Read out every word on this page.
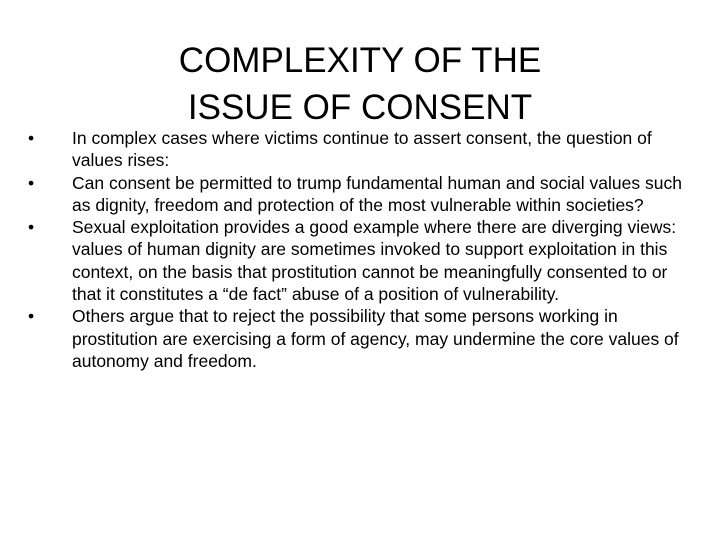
COMPLEXITY OF THE
ISSUE OF CONSENT
•	In complex cases where victims continue to assert consent, the question of values rises:
•	Can consent be permitted to trump fundamental human and social values such as dignity, freedom and protection of the most vulnerable within societies?
•	Sexual exploitation provides a good example where there are diverging views: values of human dignity are sometimes invoked to support exploitation in this context, on the basis that prostitution cannot be meaningfully consented to or that it constitutes a “de fact” abuse of a position of vulnerability.
•	Others argue that to reject the possibility that some persons working in prostitution are exercising a form of agency, may undermine the core values of autonomy and freedom.
